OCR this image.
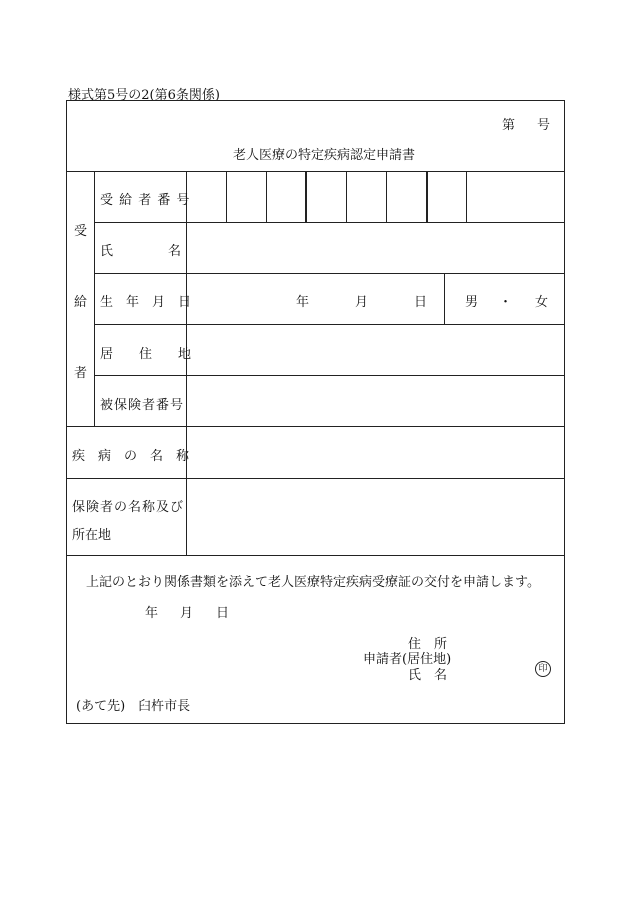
様式第5号の2(第6条関係)
第 号
老人医療の特定疾病認定申請書
受
給
者
受 給 者 番 号
氏	名
生　年　月　日	年	月	日	男 ・ 女
居　　住　　地
被保険者番号
疾　病　の　名　称
保険者の名称及び
所在地
上記のとおり関係書類を添えて老人医療特定疾病受療証の交付を申請します。
年 月 日
住　所
申請者(居住地)
氏　名	印
(あて先)　臼杵市長
